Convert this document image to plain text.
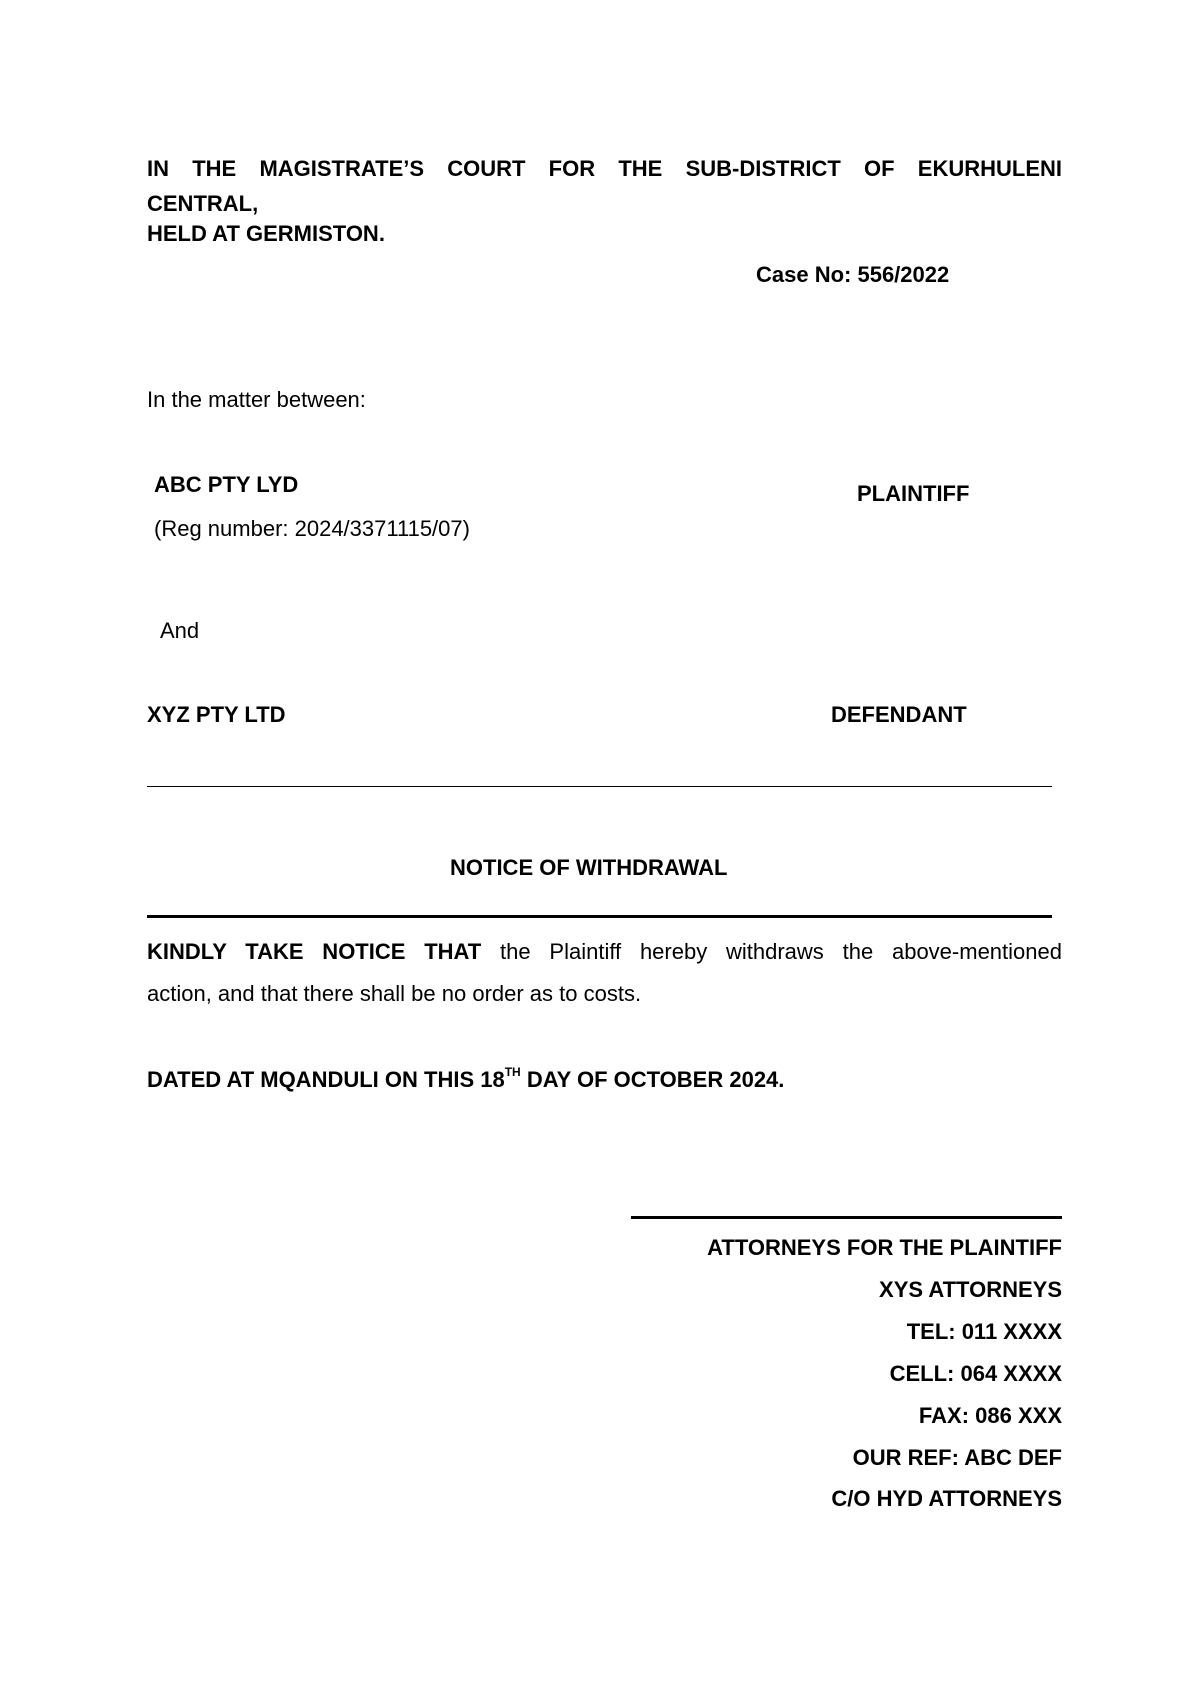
IN THE MAGISTRATE’S COURT FOR THE SUB-DISTRICT OF EKURHULENI
CENTRAL,
HELD AT GERMISTON.
Case No: 556/2022
In the matter between:
ABC PTY LYD	PLAINTIFF
(Reg number: 2024/3371115/07)
And
XYZ PTY LTD	DEFENDANT
NOTICE OF WITHDRAWAL
KINDLY TAKE NOTICE THAT the Plaintiff hereby withdraws the above-mentioned
action, and that there shall be no order as to costs.
DATED AT MQANDULI ON THIS 18TH DAY OF OCTOBER 2024.
ATTORNEYS FOR THE PLAINTIFF
XYS ATTORNEYS
TEL: 011 XXXX
CELL: 064 XXXX
FAX: 086 XXX
OUR REF: ABC DEF
C/O HYD ATTORNEYS
